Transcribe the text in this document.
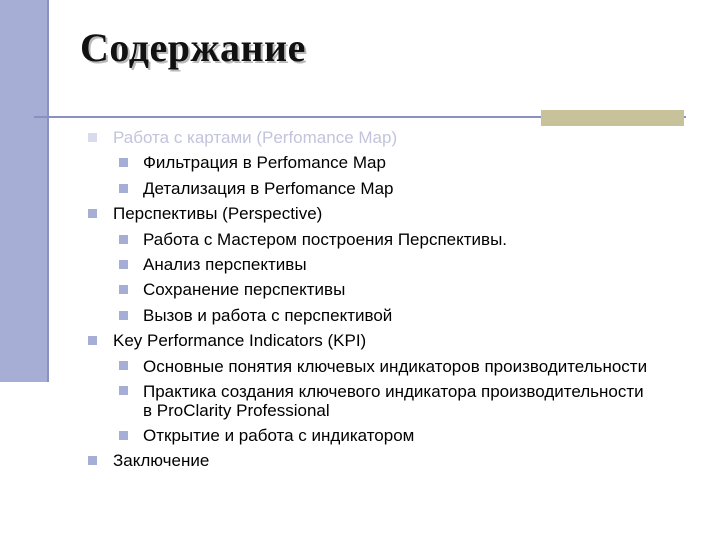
Содержание
Работа с картами (Perfomance Map)
Фильтрация в Perfomance Map
Детализация в Perfomance Map
Перспективы (Perspective)
Работа с Мастером построения Перспективы.
Анализ перспективы
Сохранение перспективы
Вызов и работа с перспективой
Key Performance Indicators (KPI)
Основные понятия ключевых индикаторов производительности
Практика создания ключевого индикатора производительности в ProClarity Professional
Открытие и работа с индикатором
Заключение
